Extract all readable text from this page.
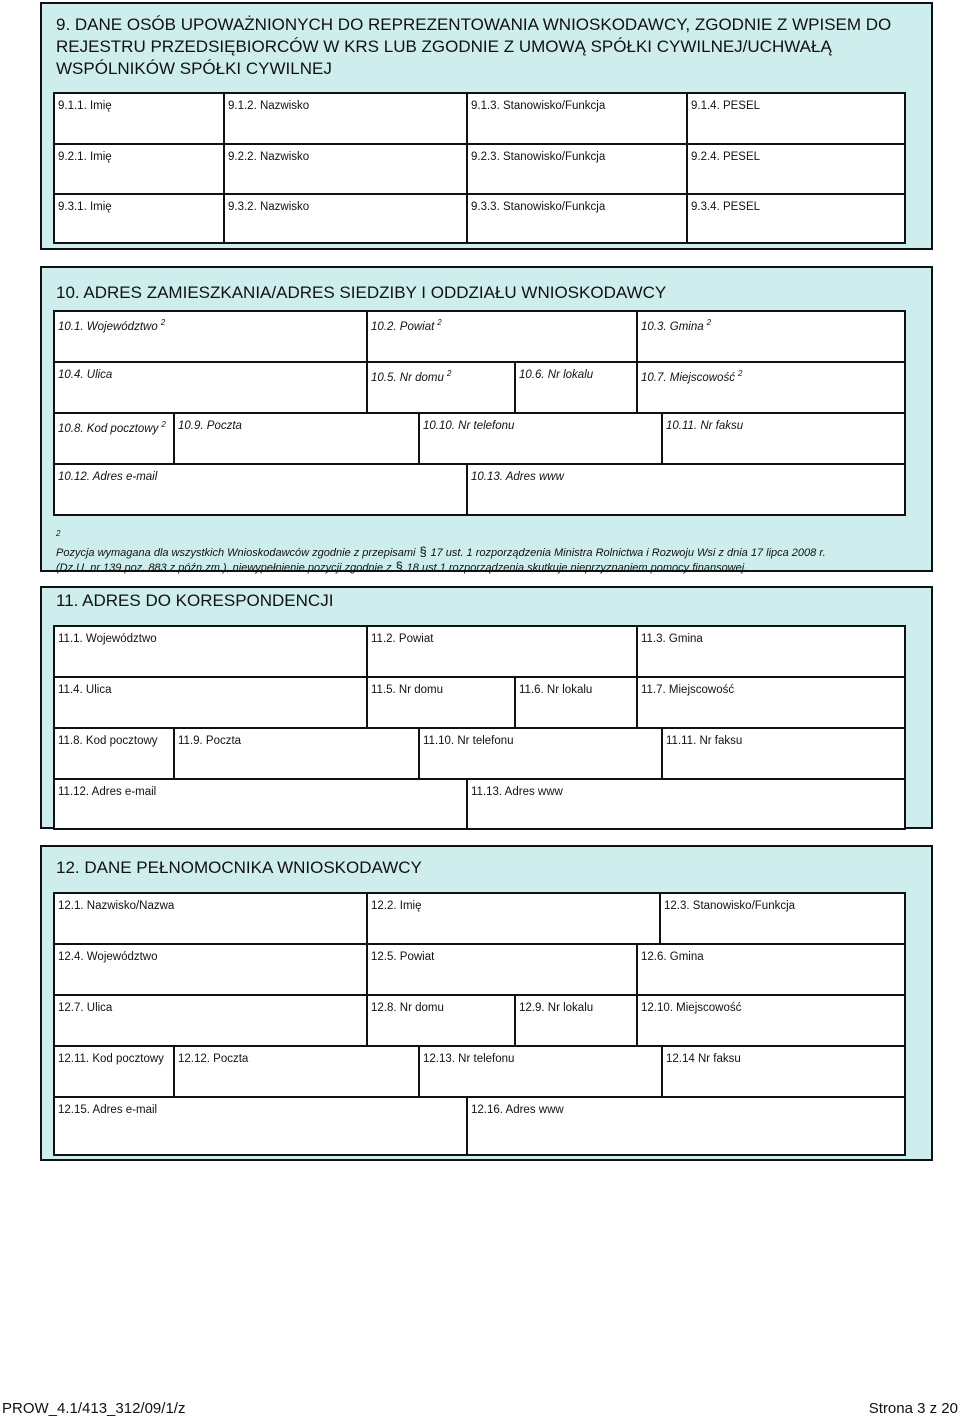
9. DANE OSÓB UPOWAŻNIONYCH DO REPREZENTOWANIA WNIOSKODAWCY, ZGODNIE Z WPISEM DO
REJESTRU PRZEDSIĘBIORCÓW W KRS LUB ZGODNIE Z UMOWĄ SPÓŁKI CYWILNEJ/UCHWAŁĄ
WSPÓLNIKÓW SPÓŁKI CYWILNEJ
9.1.1. Imię	9.1.2. Nazwisko	9.1.3. Stanowisko/Funkcja	9.1.4. PESEL
9.2.1. Imię	9.2.2. Nazwisko	9.2.3. Stanowisko/Funkcja	9.2.4. PESEL
9.3.1. Imię	9.3.2. Nazwisko	9.3.3. Stanowisko/Funkcja	9.3.4. PESEL
10. ADRES ZAMIESZKANIA/ADRES SIEDZIBY I ODDZIAŁU WNIOSKODAWCY
10.1. Województwo $^2$	10.2. Powiat $^2$	10.3. Gmina $^2$
10.4. Ulica	10.5. Nr domu $^2$	10.6. Nr lokalu	10.7. Miejscowość $^2$
10.8. Kod pocztowy $^2$	10.9. Poczta	10.10. Nr telefonu	10.11. Nr faksu
10.12. Adres e-mail	10.13. Adres www
$^2$
Pozycja wymagana dla wszystkich Wnioskodawców zgodnie z przepisami § 17 ust. 1 rozporządzenia Ministra Rolnictwa i Rozwoju Wsi z dnia 17 lipca 2008 r.
(Dz.U. nr 139 poz. 883 z późn.zm.), niewypełnienie pozycji zgodnie z § 18 ust.1 rozporządzenia skutkuje nieprzyznaniem pomocy finansowej.
11. ADRES DO KORESPONDENCJI
11.1. Województwo	11.2. Powiat	11.3. Gmina
11.4. Ulica	11.5. Nr domu	11.6. Nr lokalu	11.7. Miejscowość
11.8. Kod pocztowy	11.9. Poczta	11.10. Nr telefonu	11.11. Nr faksu
11.12. Adres e-mail	11.13. Adres www
12. DANE PEŁNOMOCNIKA WNIOSKODAWCY
12.1. Nazwisko/Nazwa	12.2. Imię	12.3. Stanowisko/Funkcja
12.4. Województwo	12.5. Powiat	12.6. Gmina
12.7. Ulica	12.8. Nr domu	12.9. Nr lokalu	12.10. Miejscowość
12.11. Kod pocztowy	12.12. Poczta	12.13. Nr telefonu	12.14 Nr faksu
12.15. Adres e-mail	12.16. Adres www
PROW_4.1/413_312/09/1/z	Strona 3 z 20
